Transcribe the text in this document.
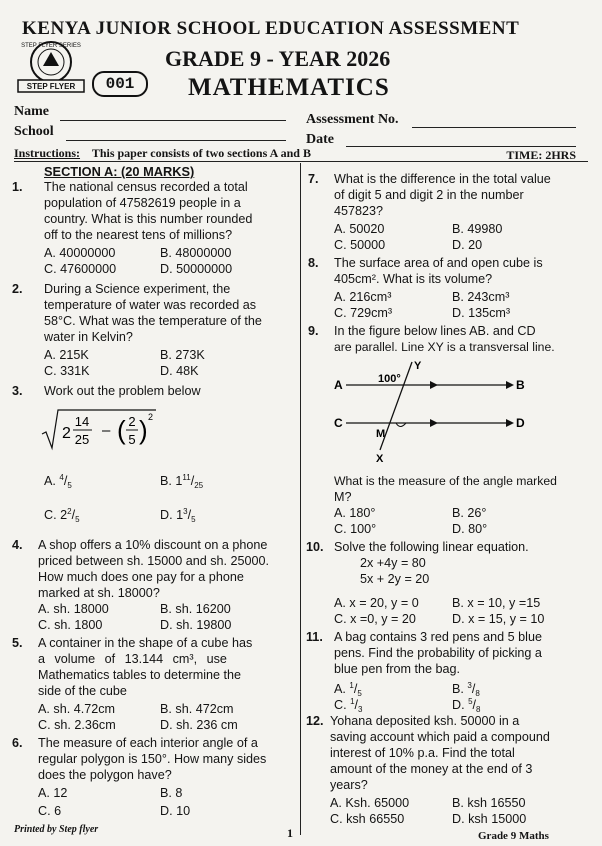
KENYA JUNIOR SCHOOL EDUCATION ASSESSMENT
STEP FLYER SERIES
STEP FLYER
GRADE 9 - YEAR 2026
001	MATHEMATICS
Name
Assessment No.
School
Date
Instructions: This paper consists of two sections A and B	TIME: 2HRS
SECTION A: (20 MARKS)
1. The national census recorded a total
population of 47582619 people in a
country. What is this number rounded
off to the nearest tens of millions?
A. 40000000	B. 48000000
C. 47600000	D. 50000000
2. During a Science experiment, the
temperature of water was recorded as
58°C. What was the temperature of the
water in Kelvin?
A. 215K	B. 273K
C. 331K	D. 48K
3. Work out the problem below
2
14
25
– ( 2
5 ) 2
A. $^4/_5$	B. $1^{11}/_{25}$
C. $2^2/_5$	D. $1^3/_5$
4. A shop offers a 10% discount on a phone
priced between sh. 15000 and sh. 25000.
How much does one pay for a phone
marked at sh. 18000?
A. sh. 18000	B. sh. 16200
C. sh. 1800	D. sh. 19800
5. A container in the shape of a cube has
a volume of 13.144 cm³, use
Mathematics tables to determine the
side of the cube
A. sh. 4.72cm	B. sh. 472cm
C. sh. 2.36cm	D. sh. 236 cm
6. The measure of each interior angle of a
regular polygon is 150°. How many sides
does the polygon have?
A. 12	B. 8
C. 6	D. 10
7. What is the difference in the total value
of digit 5 and digit 2 in the number
457823?
A. 50020	B. 49980
C. 50000	D. 20
8. The surface area of and open cube is
405cm². What is its volume?
A. 216cm³	B. 243cm³
C. 729cm³	D. 135cm³
9. In the figure below lines AB. and CD
are parallel. Line XY is a transversal line.
A	B
C	D
Y
X
M
100°
What is the measure of the angle marked
M?
A. 180°	B. 26°
C. 100°	D. 80°
10. Solve the following linear equation.
2x +4y = 80
5x + 2y = 20
A. x = 20, y = 0	B. x = 10, y =15
C. x =0, y = 20	D. x = 15, y = 10
11. A bag contains 3 red pens and 5 blue
pens. Find the probability of picking a
blue pen from the bag.
A. $^1/_5$	B. $^3/_8$
C. $^1/_3$	D. $^5/_8$
12. Yohana deposited ksh. 50000 in a
saving account which paid a compound
interest of 10% p.a. Find the total
amount of the money at the end of 3
years?
A. Ksh. 65000	B. ksh 16550
C. ksh 66550	D. ksh 15000
Printed by Step flyer	1	Grade 9 Maths
